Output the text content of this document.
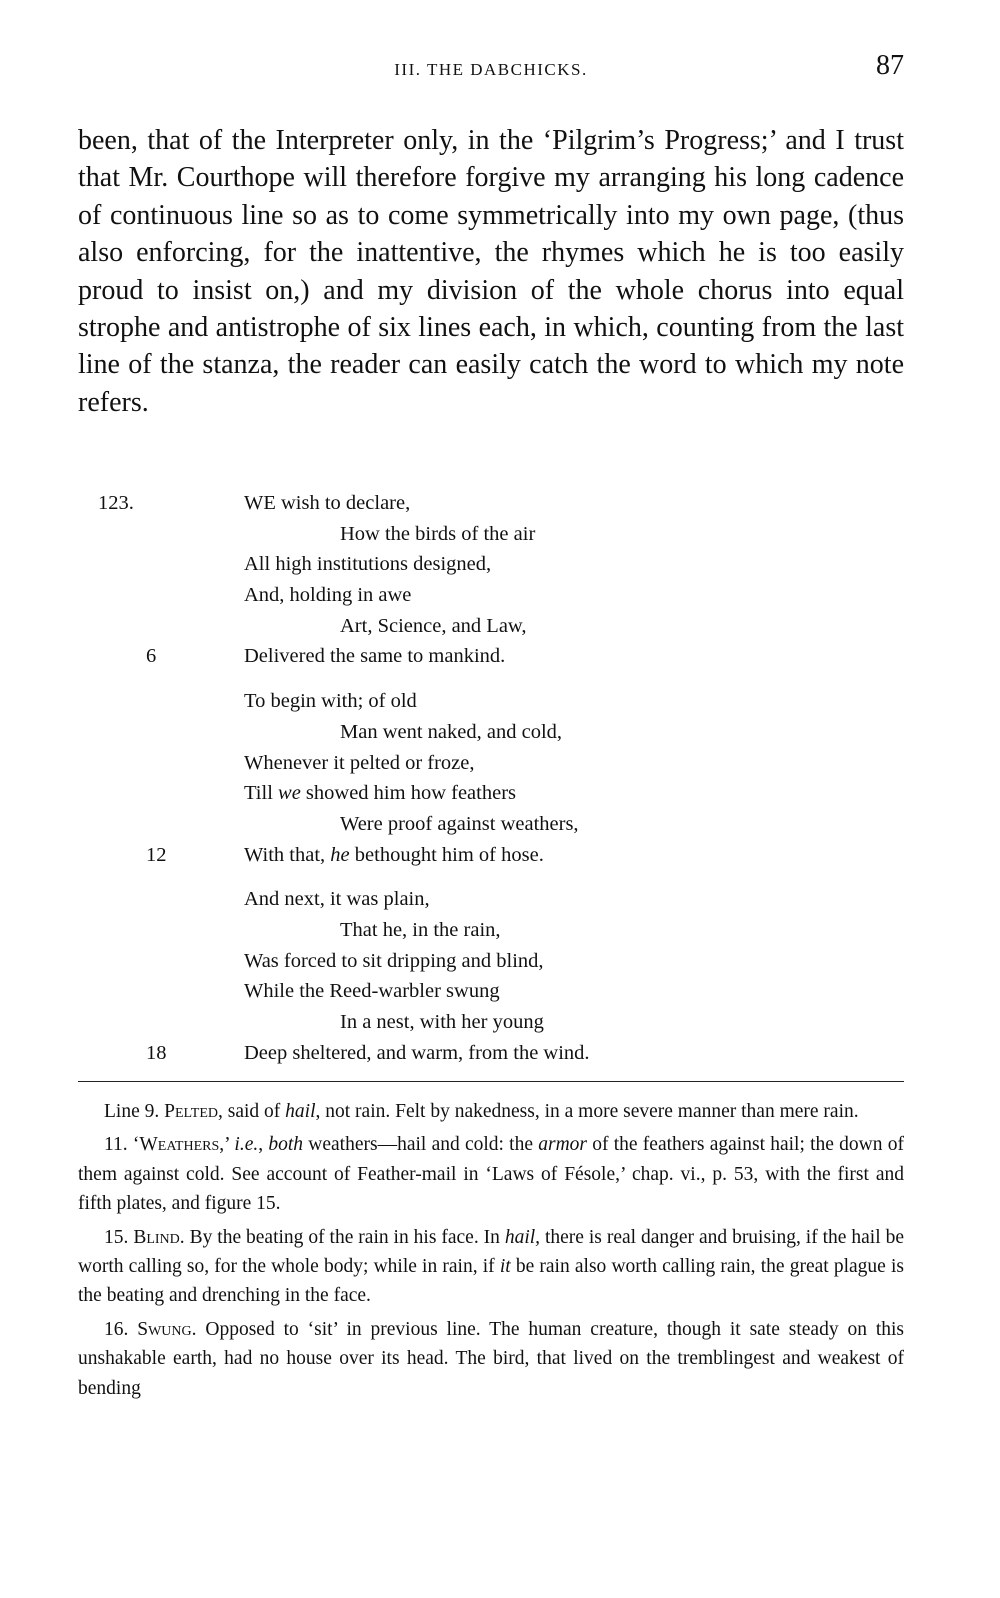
III. THE DABCHICKS.	87

been, that of the Interpreter only, in the ‘Pilgrim’s Progress;’ and I trust that Mr. Courthope will therefore forgive my arranging his long cadence of continuous line so as to come symmetrically into my own page, (thus also enforcing, for the inattentive, the rhymes which he is too easily proud to insist on,) and my division of the whole chorus into equal strophe and antistrophe of six lines each, in which, counting from the last line of the stanza, the reader can easily catch the word to which my note refers.

123.	WE wish to declare,
How the birds of the air
All high institutions designed,
And, holding in awe
Art, Science, and Law,
6	Delivered the same to mankind.
To begin with; of old
Man went naked, and cold,
Whenever it pelted or froze,
Till we showed him how feathers
Were proof against weathers,
12	With that, he bethought him of hose.
And next, it was plain,
That he, in the rain,
Was forced to sit dripping and blind,
While the Reed-warbler swung
In a nest, with her young
18	Deep sheltered, and warm, from the wind.

Line 9. Pelted, said of hail, not rain. Felt by nakedness, in a more severe manner than mere rain.

11. ‘Weathers,’ i.e., both weathers—hail and cold: the armor of the feathers against hail; the down of them against cold. See account of Feather-mail in ‘Laws of Fésole,’ chap. vi., p. 53, with the first and fifth plates, and figure 15.

15. Blind. By the beating of the rain in his face. In hail, there is real danger and bruising, if the hail be worth calling so, for the whole body; while in rain, if it be rain also worth calling rain, the great plague is the beating and drenching in the face.

16. Swung. Opposed to ‘sit’ in previous line. The human creature, though it sate steady on this unshakable earth, had no house over its head. The bird, that lived on the tremblingest and weakest of bending
